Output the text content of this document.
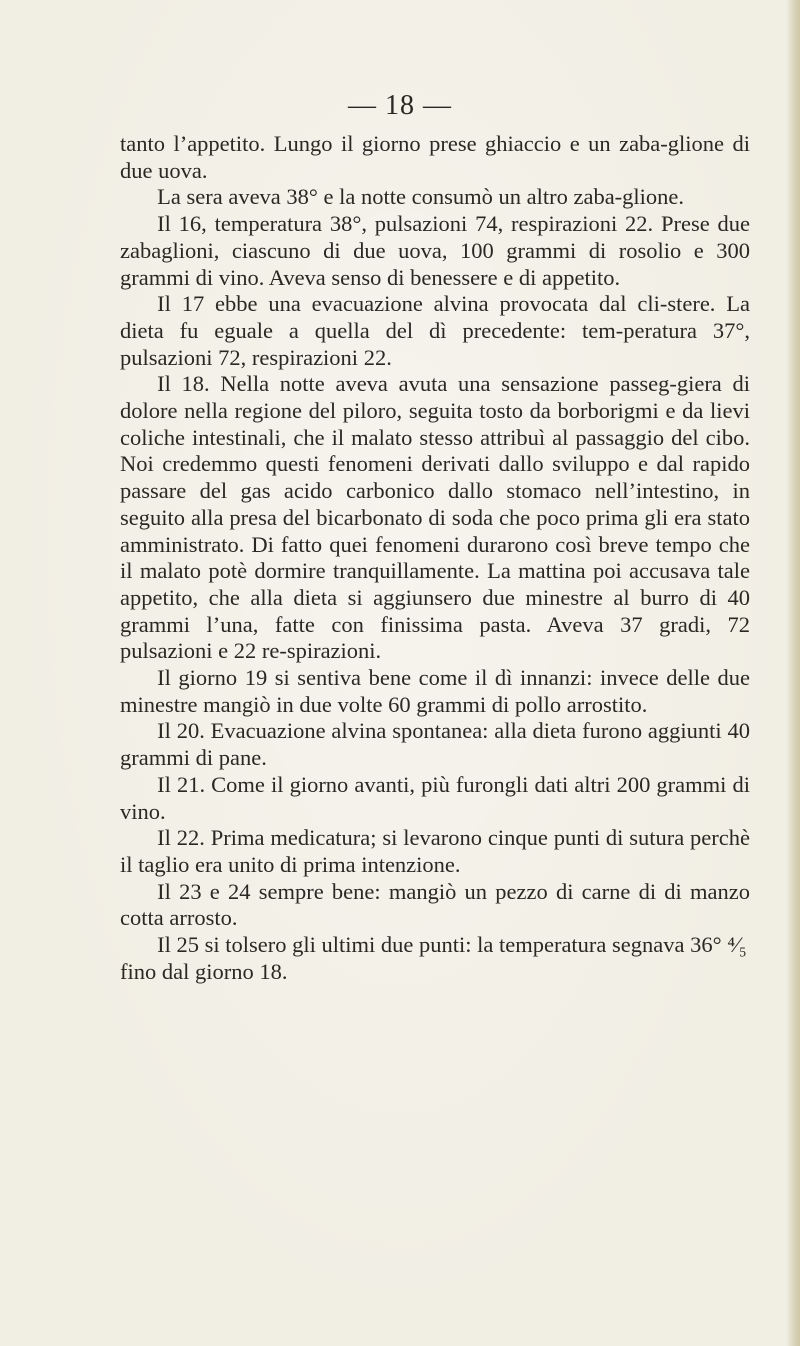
— 18 —

tanto l’appetito. Lungo il giorno prese ghiaccio e un zaba-glione di due uova.

La sera aveva 38° e la notte consumò un altro zaba-glione.

Il 16, temperatura 38°, pulsazioni 74, respirazioni 22. Prese due zabaglioni, ciascuno di due uova, 100 grammi di rosolio e 300 grammi di vino. Aveva senso di benessere e di appetito.

Il 17 ebbe una evacuazione alvina provocata dal cli-stere. La dieta fu eguale a quella del dì precedente: tem-peratura 37°, pulsazioni 72, respirazioni 22.

Il 18. Nella notte aveva avuta una sensazione passeg-giera di dolore nella regione del piloro, seguita tosto da borborigmi e da lievi coliche intestinali, che il malato stesso attribuì al passaggio del cibo. Noi credemmo questi fenomeni derivati dallo sviluppo e dal rapido passare del gas acido carbonico dallo stomaco nell’intestino, in seguito alla presa del bicarbonato di soda che poco prima gli era stato amministrato. Di fatto quei fenomeni durarono così breve tempo che il malato potè dormire tranquillamente. La mattina poi accusava tale appetito, che alla dieta si aggiunsero due minestre al burro di 40 grammi l’una, fatte con finissima pasta. Aveva 37 gradi, 72 pulsazioni e 22 re-spirazioni.

Il giorno 19 si sentiva bene come il dì innanzi: invece delle due minestre mangiò in due volte 60 grammi di pollo arrostito.

Il 20. Evacuazione alvina spontanea: alla dieta furono aggiunti 40 grammi di pane.

Il 21. Come il giorno avanti, più furongli dati altri 200 grammi di vino.

Il 22. Prima medicatura; si levarono cinque punti di sutura perchè il taglio era unito di prima intenzione.

Il 23 e 24 sempre bene: mangiò un pezzo di carne di di manzo cotta arrosto.

Il 25 si tolsero gli ultimi due punti: la temperatura segnava 36° ⁴⁄₅ fino dal giorno 18.
